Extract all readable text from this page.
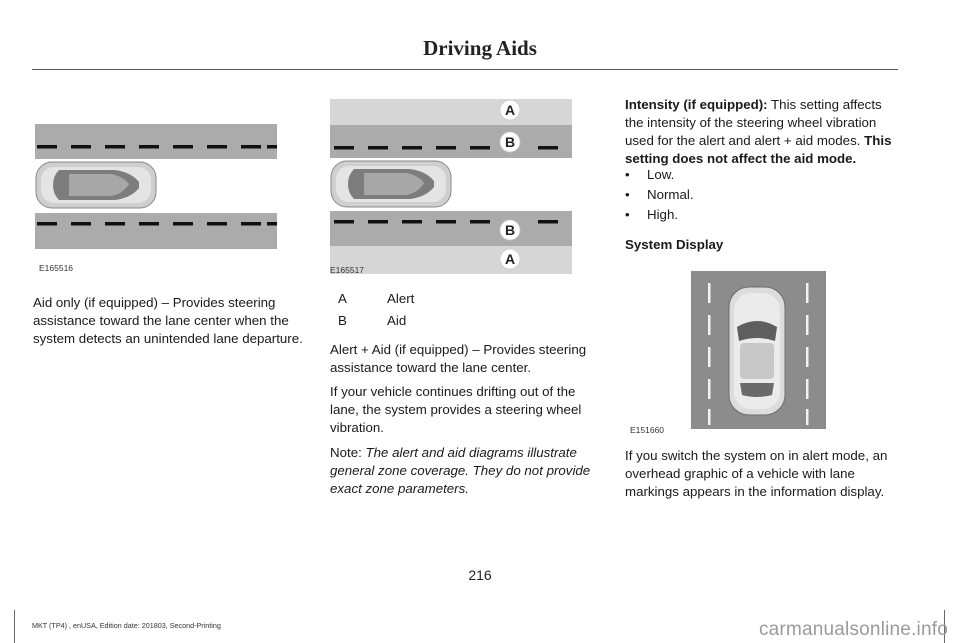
Driving Aids
E165516
Aid only (if equipped) – Provides steering assistance toward the lane center when the system detects an unintended lane departure.
A
B
B
A
E165517
A	Alert
B	Aid
Alert + Aid (if equipped) – Provides steering assistance toward the lane center.
If your vehicle continues drifting out of the lane, the system provides a steering wheel vibration.
Note: The alert and aid diagrams illustrate general zone coverage. They do not provide exact zone parameters.
Intensity (if equipped): This setting affects the intensity of the steering wheel vibration used for the alert and alert + aid modes. This setting does not affect the aid mode.
• Low.
• Normal.
• High.
System Display
E151660
If you switch the system on in alert mode, an overhead graphic of a vehicle with lane markings appears in the information display.
216
MKT (TP4) , enUSA, Edition date: 201803, Second-Printing	carmanualsonline.info
